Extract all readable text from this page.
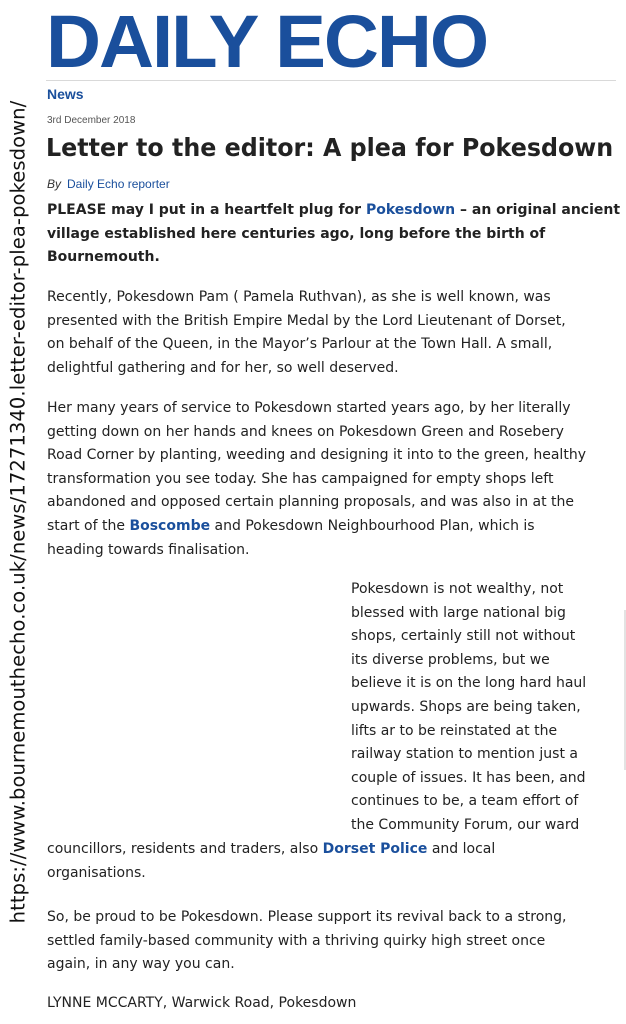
https://www.bournemouthecho.co.uk/news/17271340.letter-editor-plea-pokesdown/
DAILY ECHO
News
3rd December 2018
Letter to the editor: A plea for Pokesdown
By Daily Echo reporter

PLEASE may I put in a heartfelt plug for Pokesdown – an original ancient
village established here centuries ago, long before the birth of
Bournemouth.

Recently, Pokesdown Pam ( Pamela Ruthvan), as she is well known, was
presented with the British Empire Medal by the Lord Lieutenant of Dorset,
on behalf of the Queen, in the Mayor’s Parlour at the Town Hall. A small,
delightful gathering and for her, so well deserved.

Her many years of service to Pokesdown started years ago, by her literally
getting down on her hands and knees on Pokesdown Green and Rosebery
Road Corner by planting, weeding and designing it into to the green, healthy
transformation you see today. She has campaigned for empty shops left
abandoned and opposed certain planning proposals, and was also in at the
start of the Boscombe and Pokesdown Neighbourhood Plan, which is
heading towards finalisation.

Pokesdown is not wealthy, not
blessed with large national big
shops, certainly still not without
its diverse problems, but we
believe it is on the long hard haul
upwards. Shops are being taken,
lifts ar to be reinstated at the
railway station to mention just a
couple of issues. It has been, and
continues to be, a team effort of
the Community Forum, our ward

councillors, residents and traders, also Dorset Police and local
organisations.

So, be proud to be Pokesdown. Please support its revival back to a strong,
settled family-based community with a thriving quirky high street once
again, in any way you can.

LYNNE MCCARTY, Warwick Road, Pokesdown
